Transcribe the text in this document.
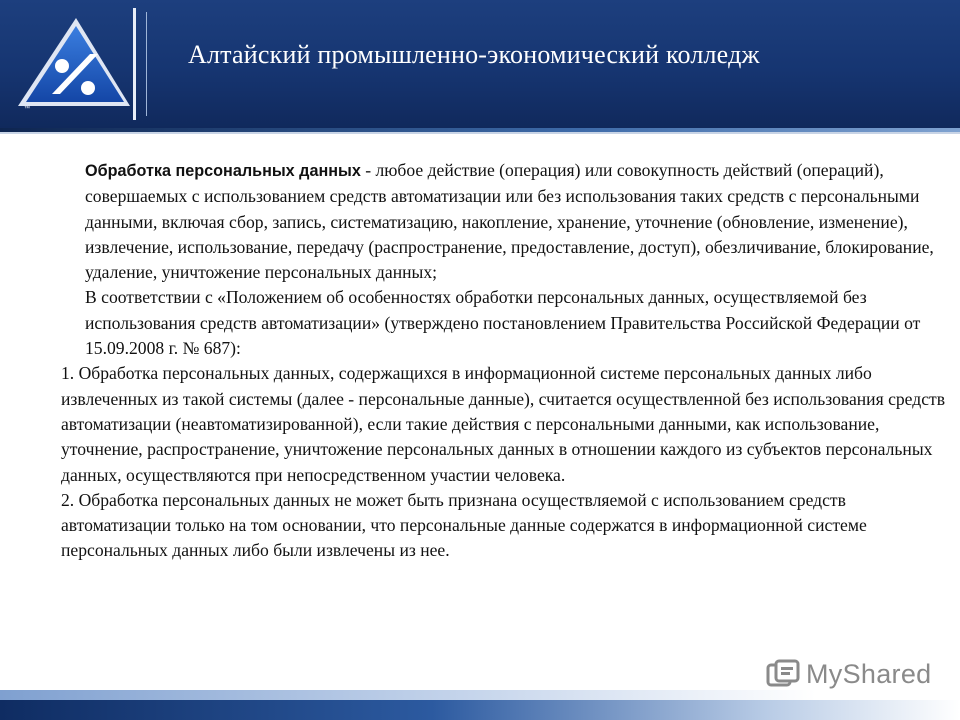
™
Алтайский промышленно-экономический колледж

Обработка персональных данных - любое действие (операция) или совокупность действий (операций), совершаемых с использованием средств автоматизации или без использования таких средств с персональными данными, включая сбор, запись, систематизацию, накопление, хранение, уточнение (обновление, изменение), извлечение, использование, передачу (распространение, предоставление, доступ), обезличивание, блокирование, удаление, уничтожение персональных данных;

В соответствии с «Положением об особенностях обработки персональных данных, осуществляемой без использования средств автоматизации» (утверждено постановлением Правительства Российской Федерации от 15.09.2008 г. № 687):

1. Обработка персональных данных, содержащихся в информационной системе персональных данных либо извлеченных из такой системы (далее - персональные данные), считается осуществленной без использования средств автоматизации (неавтоматизированной), если такие действия с персональными данными, как использование, уточнение, распространение, уничтожение персональных данных в отношении каждого из субъектов персональных данных, осуществляются при непосредственном участии человека.

2. Обработка персональных данных не может быть признана осуществляемой с использованием средств автоматизации только на том основании, что персональные данные содержатся в информационной системе персональных данных либо были извлечены из нее.

MyShared
